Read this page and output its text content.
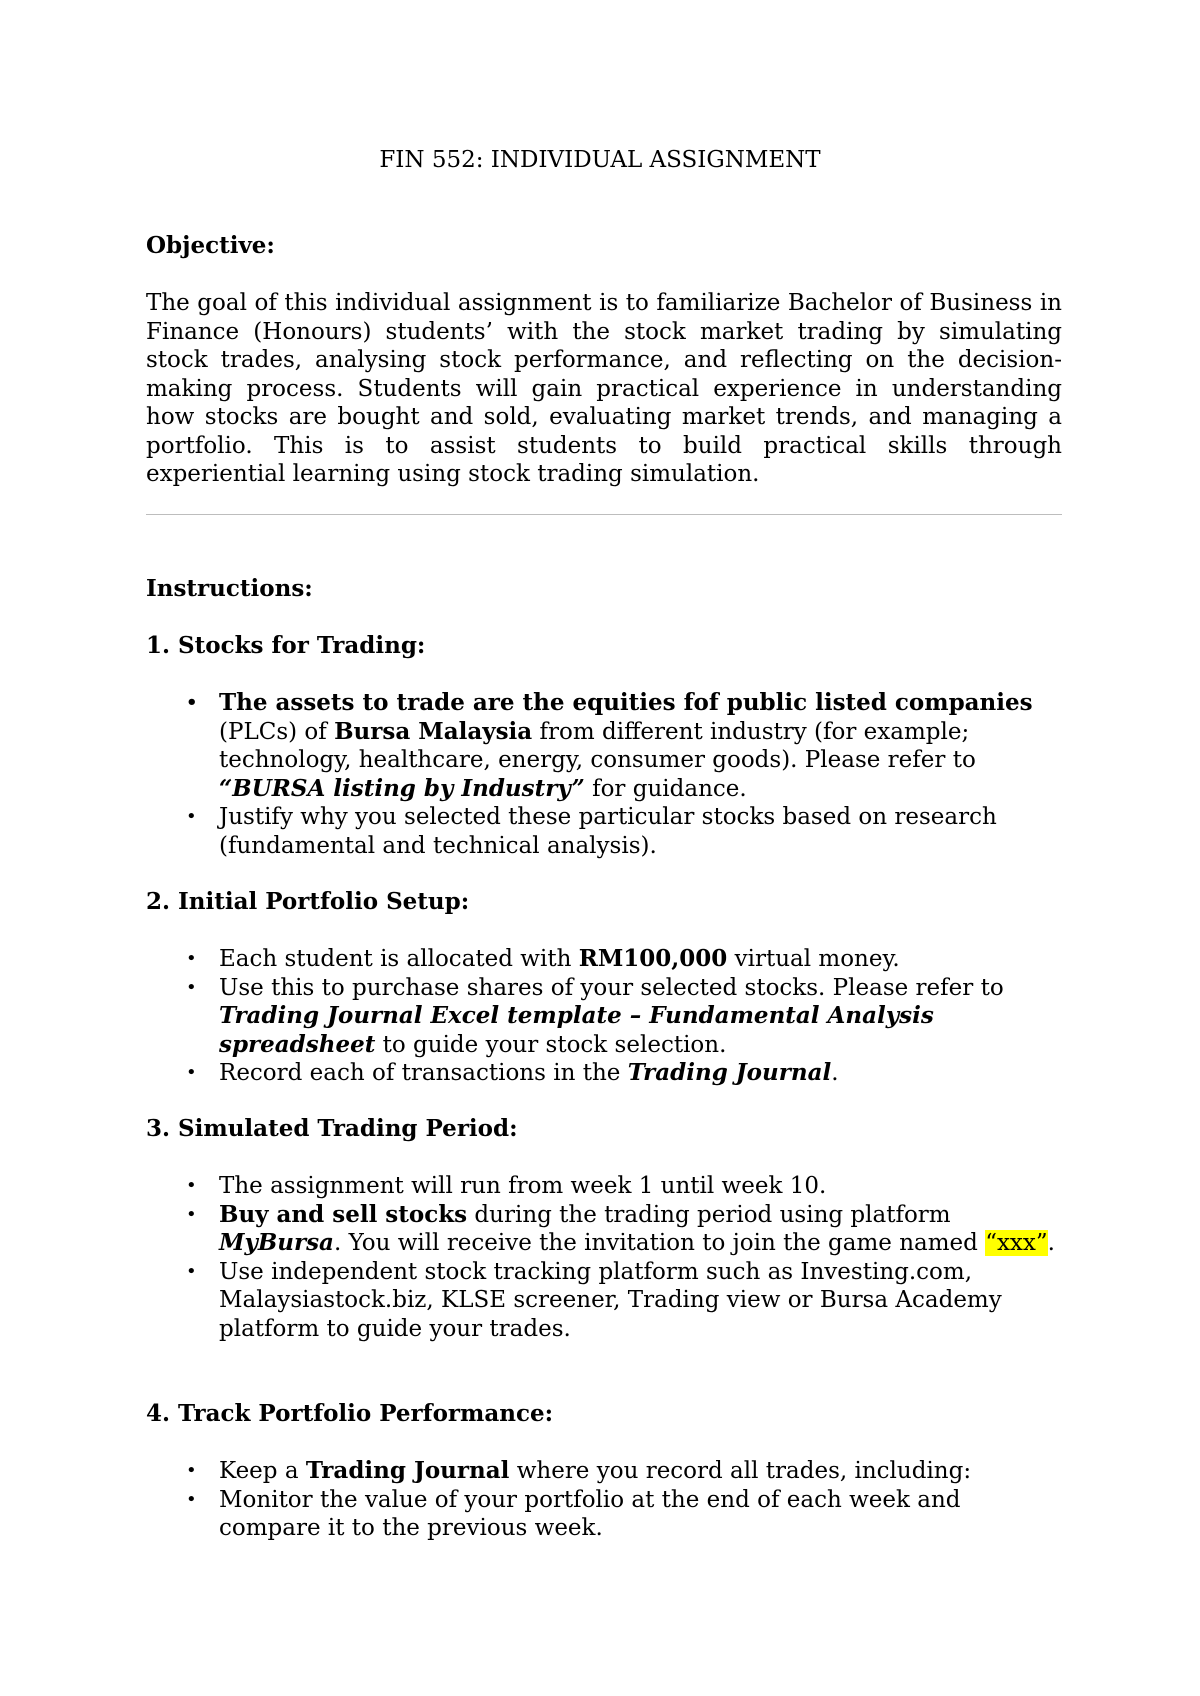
FIN 552: INDIVIDUAL ASSIGNMENT
Objective:

The goal of this individual assignment is to familiarize Bachelor of Business in Finance (Honours) students’ with the stock market trading by simulating stock trades, analysing stock performance, and reflecting on the decision-making process. Students will gain practical experience in understanding how stocks are bought and sold, evaluating market trends, and managing a portfolio. This is to assist students to build practical skills through experiential learning using stock trading simulation.

Instructions:
1. Stocks for Trading:
• The assets to trade are the equities fof public listed companies (PLCs) of Bursa Malaysia from different industry (for example; technology, healthcare, energy, consumer goods). Please refer to “BURSA listing by Industry” for guidance.
• Justify why you selected these particular stocks based on research (fundamental and technical analysis).
2. Initial Portfolio Setup:
• Each student is allocated with RM100,000 virtual money.
• Use this to purchase shares of your selected stocks. Please refer to Trading Journal Excel template – Fundamental Analysis spreadsheet to guide your stock selection.
• Record each of transactions in the Trading Journal.
3. Simulated Trading Period:
• The assignment will run from week 1 until week 10.
• Buy and sell stocks during the trading period using platform MyBursa. You will receive the invitation to join the game named “xxx”.
• Use independent stock tracking platform such as Investing.com, Malaysiastock.biz, KLSE screener, Trading view or Bursa Academy platform to guide your trades.
4. Track Portfolio Performance:
• Keep a Trading Journal where you record all trades, including:
• Monitor the value of your portfolio at the end of each week and compare it to the previous week.
